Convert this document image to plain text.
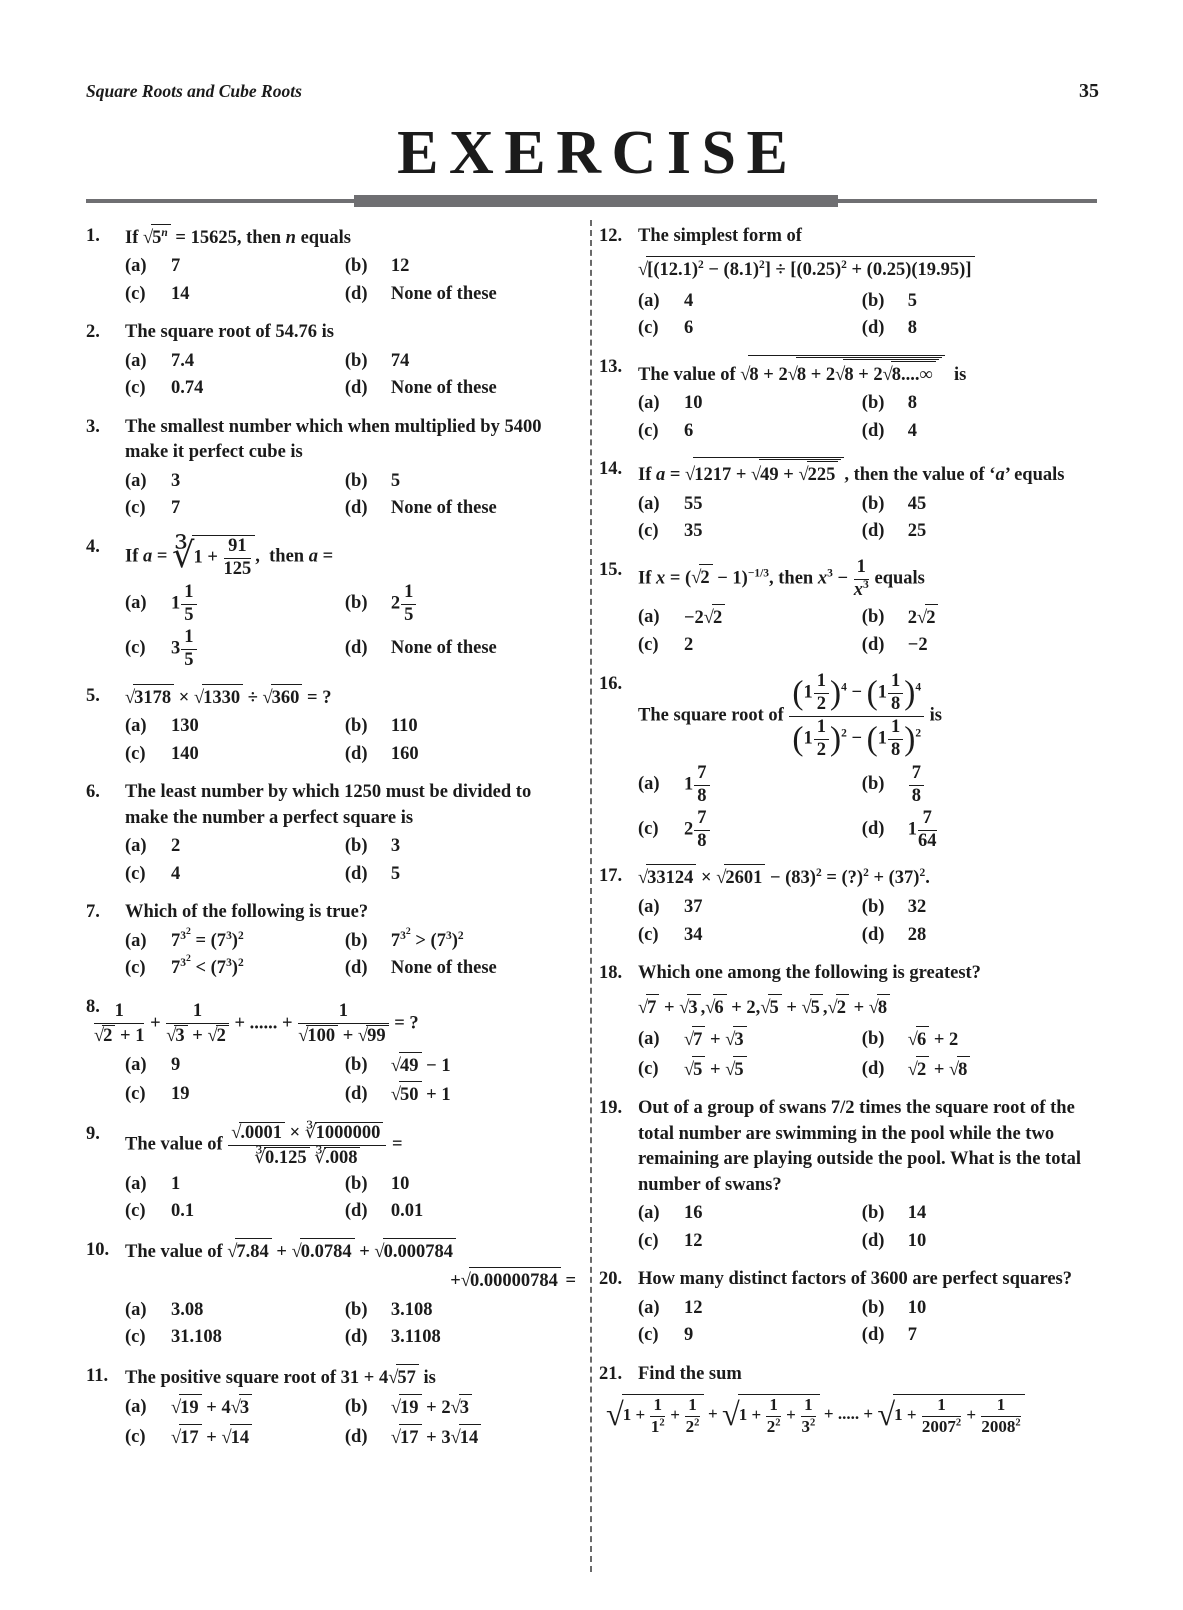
Square Roots and Cube Roots	35
EXERCISE
1.	If $√5^n = 15625$, then n equals
(a)	7	(b)	12
(c)	14	(d)	None of these
2.	The square root of 54.76 is
(a)	7.4	(b)	74
(c)	0.74	(d)	None of these
3.	The smallest number which when multiplied by 5400 make it perfect cube is
(a)	3	(b)	5
(c)	7	(d)	None of these
4.	If a = ∛1 + $\frac{91}{125}$ ,  then a =
(a)	$1 \frac{1}{5}$	(b)	$2 \frac{1}{5}$
(c)	$3 \frac{1}{5}$	(d)	None of these
5.	√3178 × √1330 ÷ √360 = ?
(a)	130	(b)	110
(c)	140	(d)	160
6.	The least number by which 1250 must be divided to make the number a perfect square is
(a)	2	(b)	3
(c)	4	(d)	5
7.	Which of the following is true?
(a)	$7^{3^2} = (7^3)^2$	(b)	$7^{3^2} > (7^3)^2$
(c)	$7^{3^2} < (7^3)^2$	(d)	None of these
8.
$\frac{1}{√2 + 1} + \frac{1}{√3 + √2}$ + ...... + $\frac{1}{√100 + √99}$ = ?
(a)	9	(b)	√49 − 1
(c)	19	(d)	√50 + 1
9.
The value of $\frac{√.0001 \times ∛1000000}{∛0.125 ∛.008}$ =
(a)	1	(b)	10
(c)	0.1	(d)	0.01
10. The value of √7.84 + √0.0784 + √0.000784
+√0.00000784 =
(a)	3.08	(b)	3.108
(c)	31.108	(d)	3.1108
11. The positive square root of 31 + 4√57 is
(a)	√19 + 4√3	(b)	√19 + 2√3
(c)	√17 + √14	(d)	√17 + 3√14
12. The simplest form of
$√[(12.1)^2 - (8.1)^2] \div [(0.25)^2 + (0.25)(19.95)]$
(a)	4	(b)	5
(c)	6	(d)	8
13. The value of √8 + 2√8 + 2√8 + 2√8....∞  is
(a)	10	(b)	8
(c)	6	(d)	4
14. If a = √1217 + √49 + √225 , then the value of ‘a’ equals
(a)	55	(b)	45
(c)	35	(d)	25
15. If $x = (√2 - 1)^{-1/3}$, then $x^3 - \frac{1}{x^3}$ equals
(a)	−2√2	(b)	2√2
(c)	2	(d)	−2
16.
The square root of $\frac{(1 \frac{1}{2} )^4 - (1 \frac{1}{8} )^4}{(1 \frac{1}{2} )^2 - (1 \frac{1}{8} )^2}$ is
(a)	$1 \frac{7}{8}$	(b)	$\frac{7}{8}$
(c)	$2 \frac{7}{8}$	(d)	$1 \frac{7}{64}$
17. $√33124 \times √2601 - (83)^2$ = (?)$^2$ + $(37)^2$.
(a)	37	(b)	32
(c)	34	(d)	28
18. Which one among the following is greatest?
√7 + √3 ,√6 + 2,√5 + √5 ,√2 + √8
(a)	√7 + √3	(b)	√6 + 2
(c)	√5 + √5	(d)	√2 + √8
19. Out of a group of swans 7/2 times the square root of the total number are swimming in the pool while the two remaining are playing outside the pool. What is the total number of swans?
(a)	16	(b)	14
(c)	12	(d)	10
20. How many distinct factors of 3600 are perfect squares?
(a)	12	(b)	10
(c)	9	(d)	7
21. Find the sum
$√1 + \frac{1}{1^2} + \frac{1}{2^2} + √1 + \frac{1}{2^2} + \frac{1}{3^2}$ + ..... + $√1 + \frac{1}{2007^2} + \frac{1}{2008^2}$
